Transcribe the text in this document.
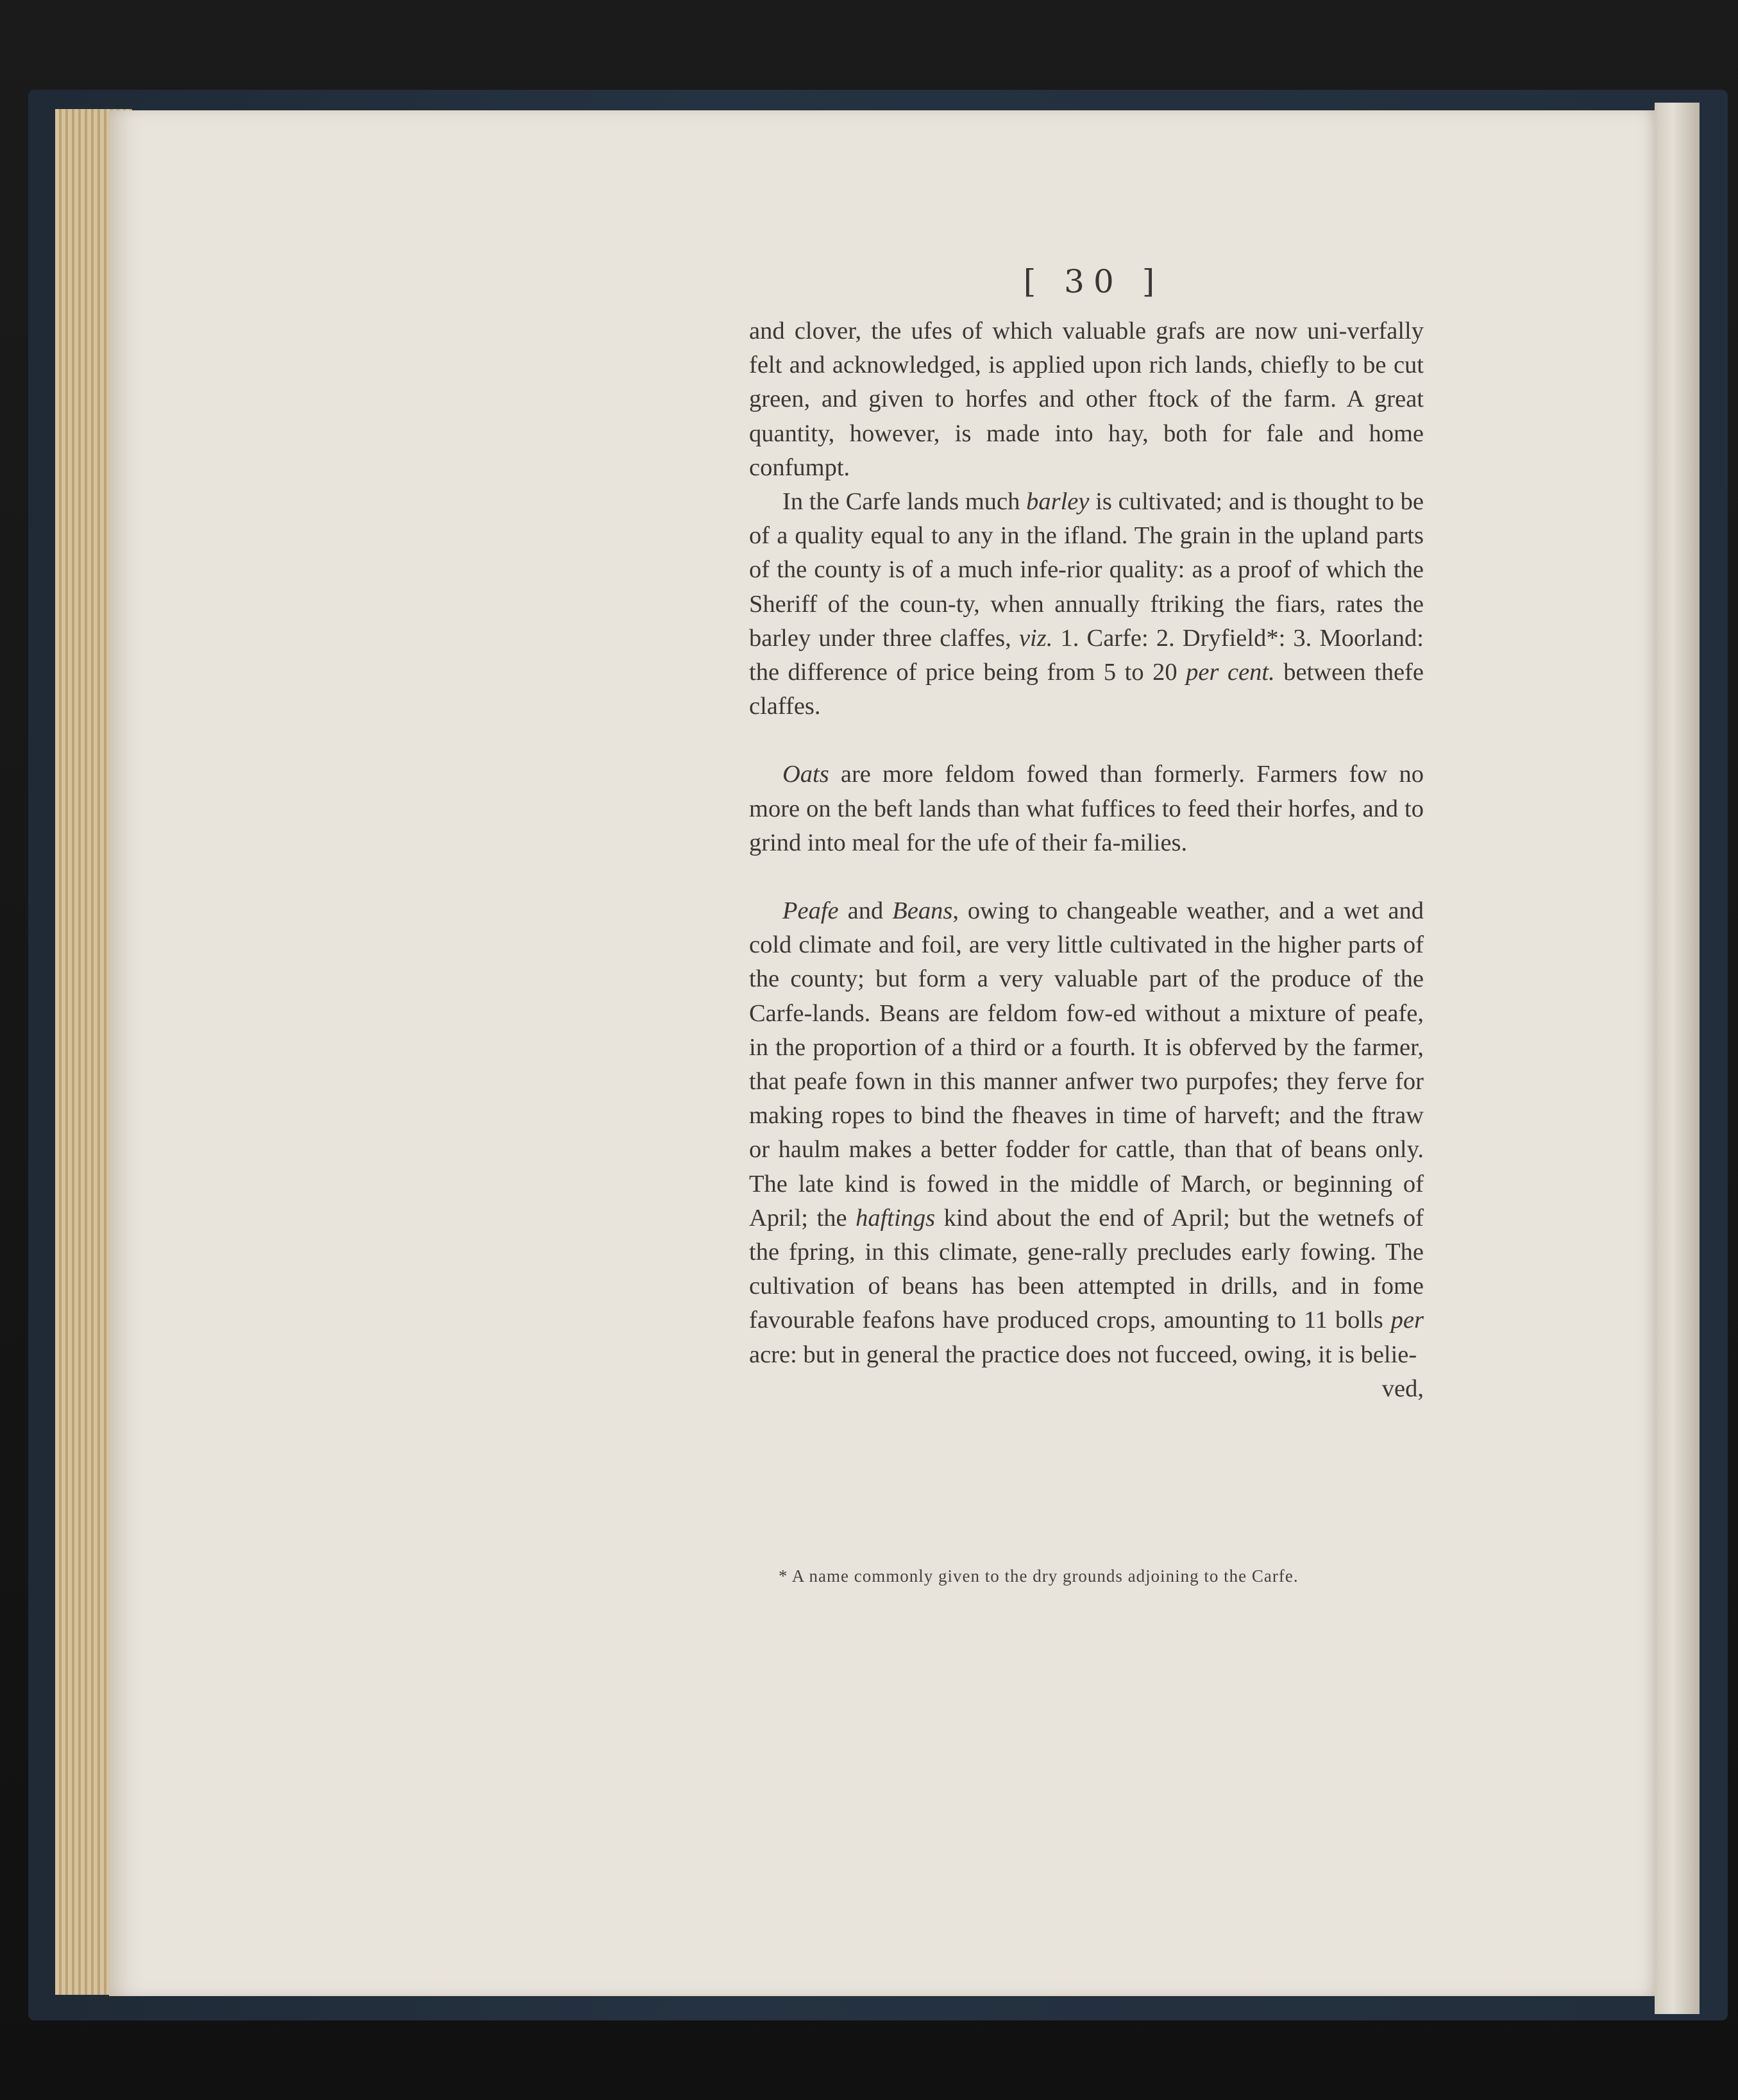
[ 30 ]

and clover, the ufes of which valuable grafs are now uni-verfally felt and acknowledged, is applied upon rich lands, chiefly to be cut green, and given to horfes and other ftock of the farm. A great quantity, however, is made into hay, both for fale and home confumpt.

In the Carfe lands much barley is cultivated; and is thought to be of a quality equal to any in the ifland. The grain in the upland parts of the county is of a much infe-rior quality: as a proof of which the Sheriff of the coun-ty, when annually ftriking the fiars, rates the barley under three claffes, viz. 1. Carfe: 2. Dryfield*: 3. Moorland: the difference of price being from 5 to 20 per cent. between thefe claffes.

Oats are more feldom fowed than formerly. Farmers fow no more on the beft lands than what fuffices to feed their horfes, and to grind into meal for the ufe of their fa-milies.

Peafe and Beans, owing to changeable weather, and a wet and cold climate and foil, are very little cultivated in the higher parts of the county; but form a very valuable part of the produce of the Carfe-lands. Beans are feldom fow-ed without a mixture of peafe, in the proportion of a third or a fourth. It is obferved by the farmer, that peafe fown in this manner anfwer two purpofes; they ferve for making ropes to bind the fheaves in time of harveft; and the ftraw or haulm makes a better fodder for cattle, than that of beans only. The late kind is fowed in the middle of March, or beginning of April; the haftings kind about the end of April; but the wetnefs of the fpring, in this climate, gene-rally precludes early fowing. The cultivation of beans has been attempted in drills, and in fome favourable feafons have produced crops, amounting to 11 bolls per acre: but in general the practice does not fucceed, owing, it is belie-

ved,

* A name commonly given to the dry grounds adjoining to the Carfe.
